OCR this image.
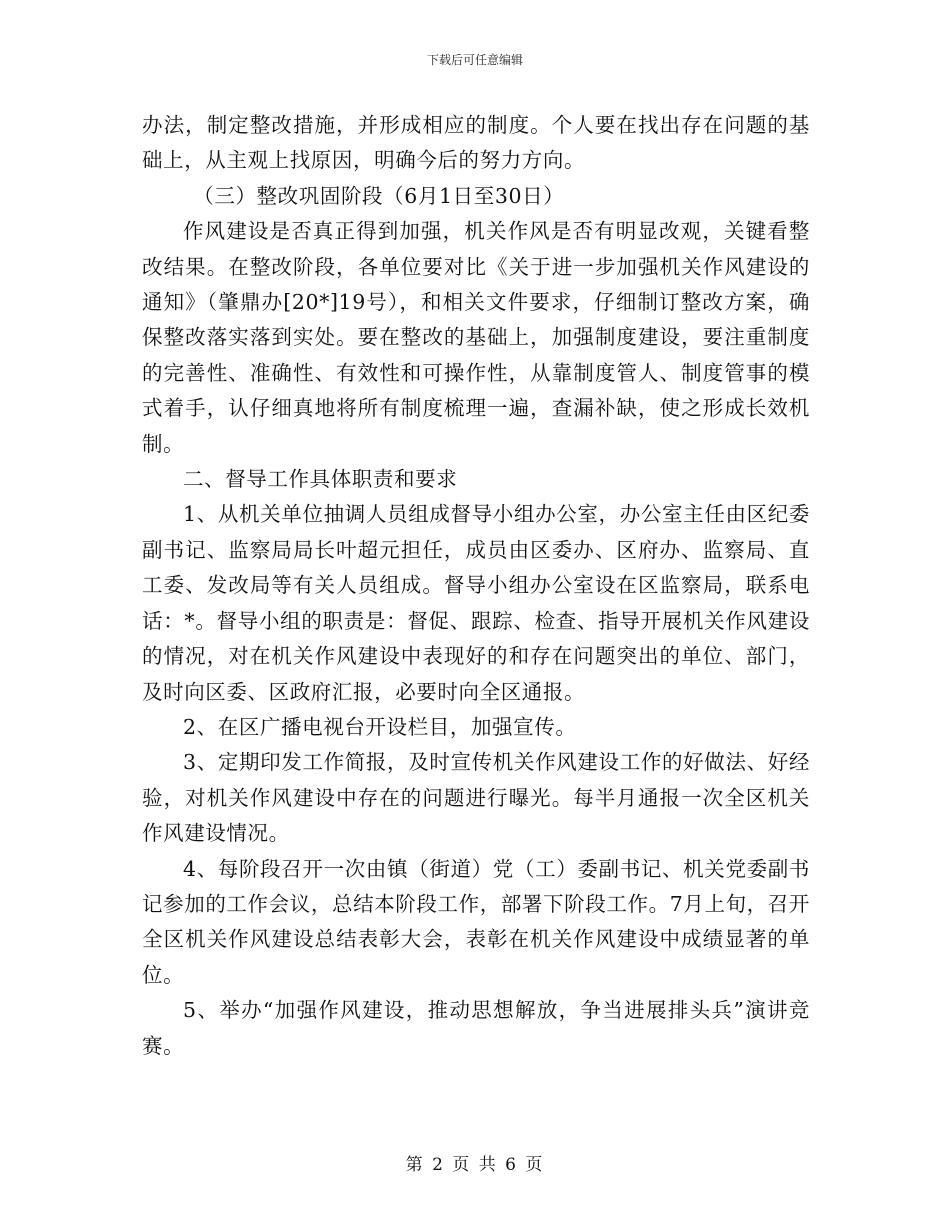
下载后可任意编辑

办法，制定整改措施，并形成相应的制度。个人要在找出存在问题的基础上，从主观上找原因，明确今后的努力方向。

（三）整改巩固阶段（6月1日至30日）

作风建设是否真正得到加强，机关作风是否有明显改观，关键看整改结果。在整改阶段，各单位要对比《关于进一步加强机关作风建设的通知》（肇鼎办[20*]19号），和相关文件要求，仔细制订整改方案，确保整改落实落到实处。要在整改的基础上，加强制度建设，要注重制度的完善性、准确性、有效性和可操作性，从靠制度管人、制度管事的模式着手，认仔细真地将所有制度梳理一遍，查漏补缺，使之形成长效机制。

二、督导工作具体职责和要求

1、从机关单位抽调人员组成督导小组办公室，办公室主任由区纪委副书记、监察局局长叶超元担任，成员由区委办、区府办、监察局、直工委、发改局等有关人员组成。督导小组办公室设在区监察局，联系电话：*。督导小组的职责是：督促、跟踪、检查、指导开展机关作风建设的情况，对在机关作风建设中表现好的和存在问题突出的单位、部门，及时向区委、区政府汇报，必要时向全区通报。

2、在区广播电视台开设栏目，加强宣传。

3、定期印发工作简报，及时宣传机关作风建设工作的好做法、好经验，对机关作风建设中存在的问题进行曝光。每半月通报一次全区机关作风建设情况。

4、每阶段召开一次由镇（街道）党（工）委副书记、机关党委副书记参加的工作会议，总结本阶段工作，部署下阶段工作。7月上旬，召开全区机关作风建设总结表彰大会，表彰在机关作风建设中成绩显著的单位。

5、举办“加强作风建设，推动思想解放，争当进展排头兵”演讲竞赛。

第 2 页 共 6 页
